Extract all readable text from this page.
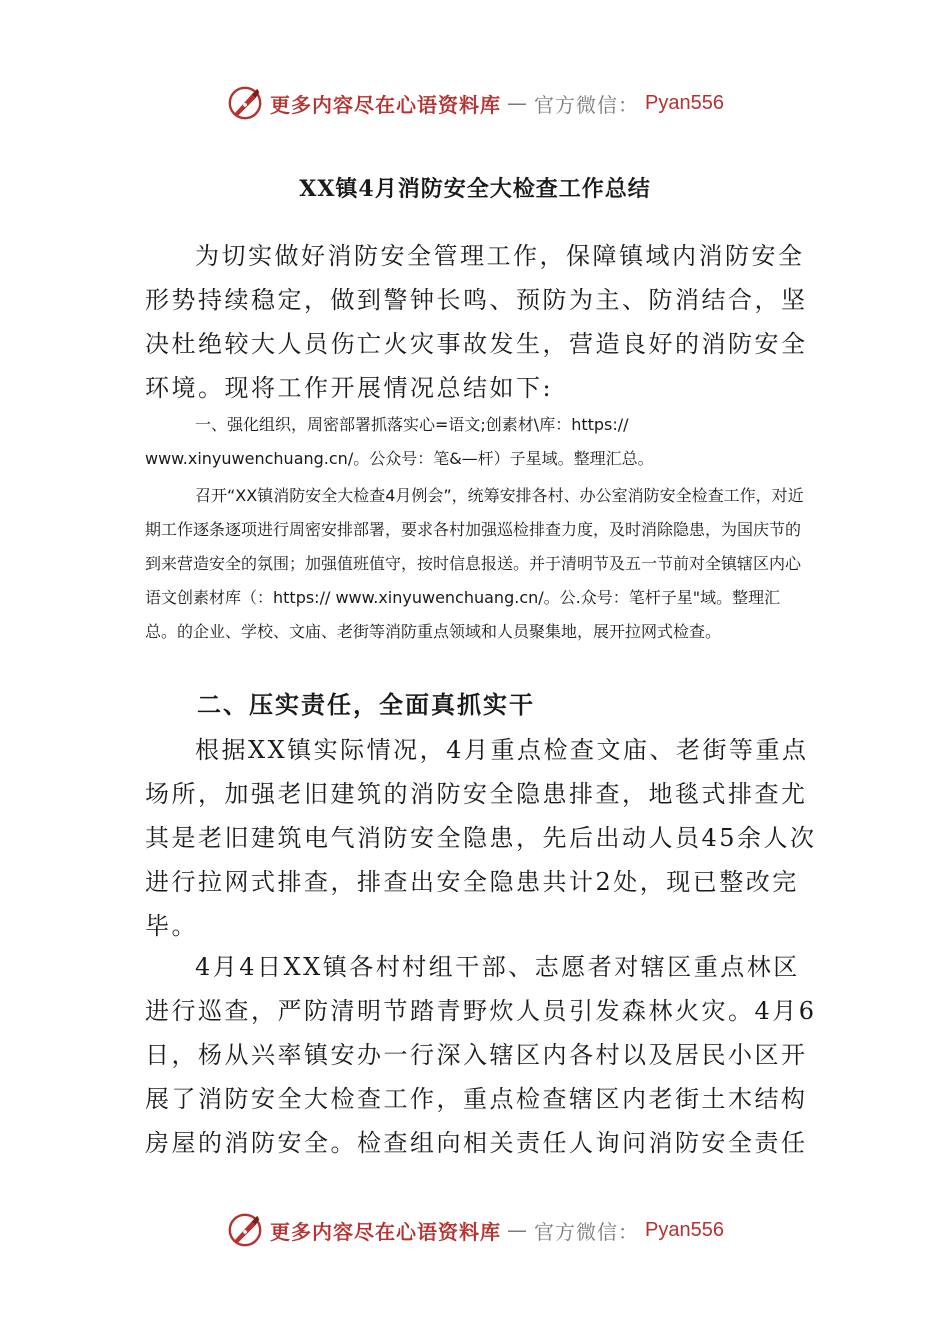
更多内容尽在心语资料库 — 官方微信： Pyan556
XX镇4月消防安全大检查工作总结

为切实做好消防安全管理工作，保障镇域内消防安全形势持续稳定，做到警钟长鸣、预防为主、防消结合，坚决杜绝较大人员伤亡火灾事故发生，营造良好的消防安全环境。现将工作开展情况总结如下:

一、强化组织，周密部署抓落实心=语文;创素材\库：https:// www.xinyuwenchuang.cn/。公众号：笔&—杆）子星域。整理汇总。

召开“XX镇消防安全大检查4月例会”，统筹安排各村、办公室消防安全检查工作，对近期工作逐条逐项进行周密安排部署，要求各村加强巡检排查力度，及时消除隐患，为国庆节的到来营造安全的氛围；加强值班值守，按时信息报送。并于清明节及五一节前对全镇辖区内心语文创素材库（：https:// www.xinyuwenchuang.cn/。公.众号：笔杆子星"域。整理汇总。的企业、学校、文庙、老街等消防重点领域和人员聚集地，展开拉网式检查。

二、压实责任，全面真抓实干

根据XX镇实际情况，4月重点检查文庙、老街等重点场所，加强老旧建筑的消防安全隐患排查，地毯式排查尤其是老旧建筑电气消防安全隐患，先后出动人员45余人次进行拉网式排查，排查出安全隐患共计2处，现已整改完毕。

4月4日XX镇各村村组干部、志愿者对辖区重点林区进行巡查，严防清明节踏青野炊人员引发森林火灾。4月6日，杨从兴率镇安办一行深入辖区内各村以及居民小区开展了消防安全大检查工作，重点检查辖区内老街土木结构房屋的消防安全。检查组向相关责任人询问消防安全责任

更多内容尽在心语资料库 — 官方微信： Pyan556
